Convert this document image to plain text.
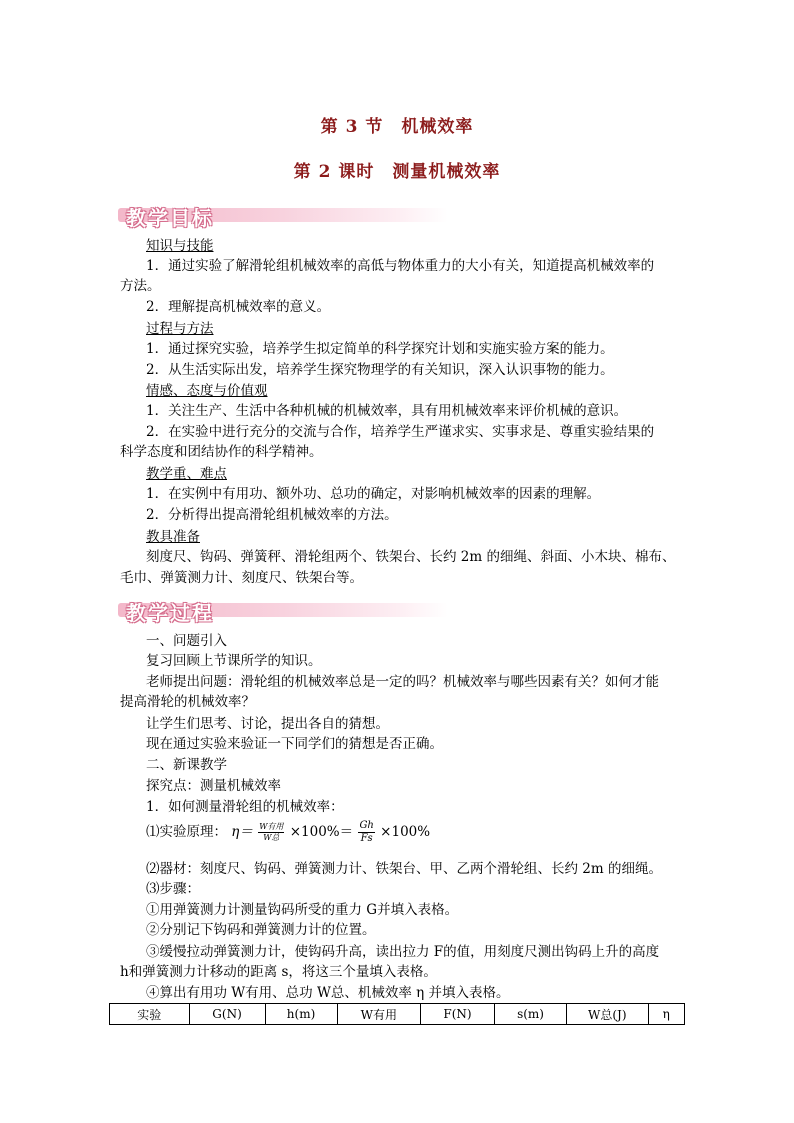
第 3 节　机械效率
第 2 课时　测量机械效率
教学目标
知识与技能
1．通过实验了解滑轮组机械效率的高低与物体重力的大小有关，知道提高机械效率的
方法。
2．理解提高机械效率的意义。
过程与方法
1．通过探究实验，培养学生拟定简单的科学探究计划和实施实验方案的能力。
2．从生活实际出发，培养学生探究物理学的有关知识，深入认识事物的能力。
情感、态度与价值观
1．关注生产、生活中各种机械的机械效率，具有用机械效率来评价机械的意识。
2．在实验中进行充分的交流与合作，培养学生严谨求实、实事求是、尊重实验结果的
科学态度和团结协作的科学精神。
教学重、难点
1．在实例中有用功、额外功、总功的确定，对影响机械效率的因素的理解。
2．分析得出提高滑轮组机械效率的方法。
教具准备
刻度尺、钩码、弹簧秤、滑轮组两个、铁架台、长约 2m 的细绳、斜面、小木块、棉布、
毛巾、弹簧测力计、刻度尺、铁架台等。
教学过程
一、问题引入
复习回顾上节课所学的知识。
老师提出问题：滑轮组的机械效率总是一定的吗？机械效率与哪些因素有关？如何才能
提高滑轮的机械效率？
让学生们思考、讨论，提出各自的猜想。
现在通过实验来验证一下同学们的猜想是否正确。
二、新课教学
探究点：测量机械效率
1．如何测量滑轮组的机械效率：
⑴实验原理： $\eta= \frac{\text{W有用}}{\text{W总}} \times 100\%= \frac{Gh}{Fs} \times 100\%$
⑵器材：刻度尺、钩码、弹簧测力计、铁架台、甲、乙两个滑轮组、长约 2m 的细绳。
⑶步骤：
①用弹簧测力计测量钩码所受的重力 G并填入表格。
②分别记下钩码和弹簧测力计的位置。
③缓慢拉动弹簧测力计，使钩码升高，读出拉力 F的值，用刻度尺测出钩码上升的高度
h和弹簧测力计移动的距离 s，将这三个量填入表格。
④算出有用功 W有用、总功 W总、机械效率 η 并填入表格。
实验	G(N)	h(m)	W有用	F(N)	s(m)	W总(J)	η
